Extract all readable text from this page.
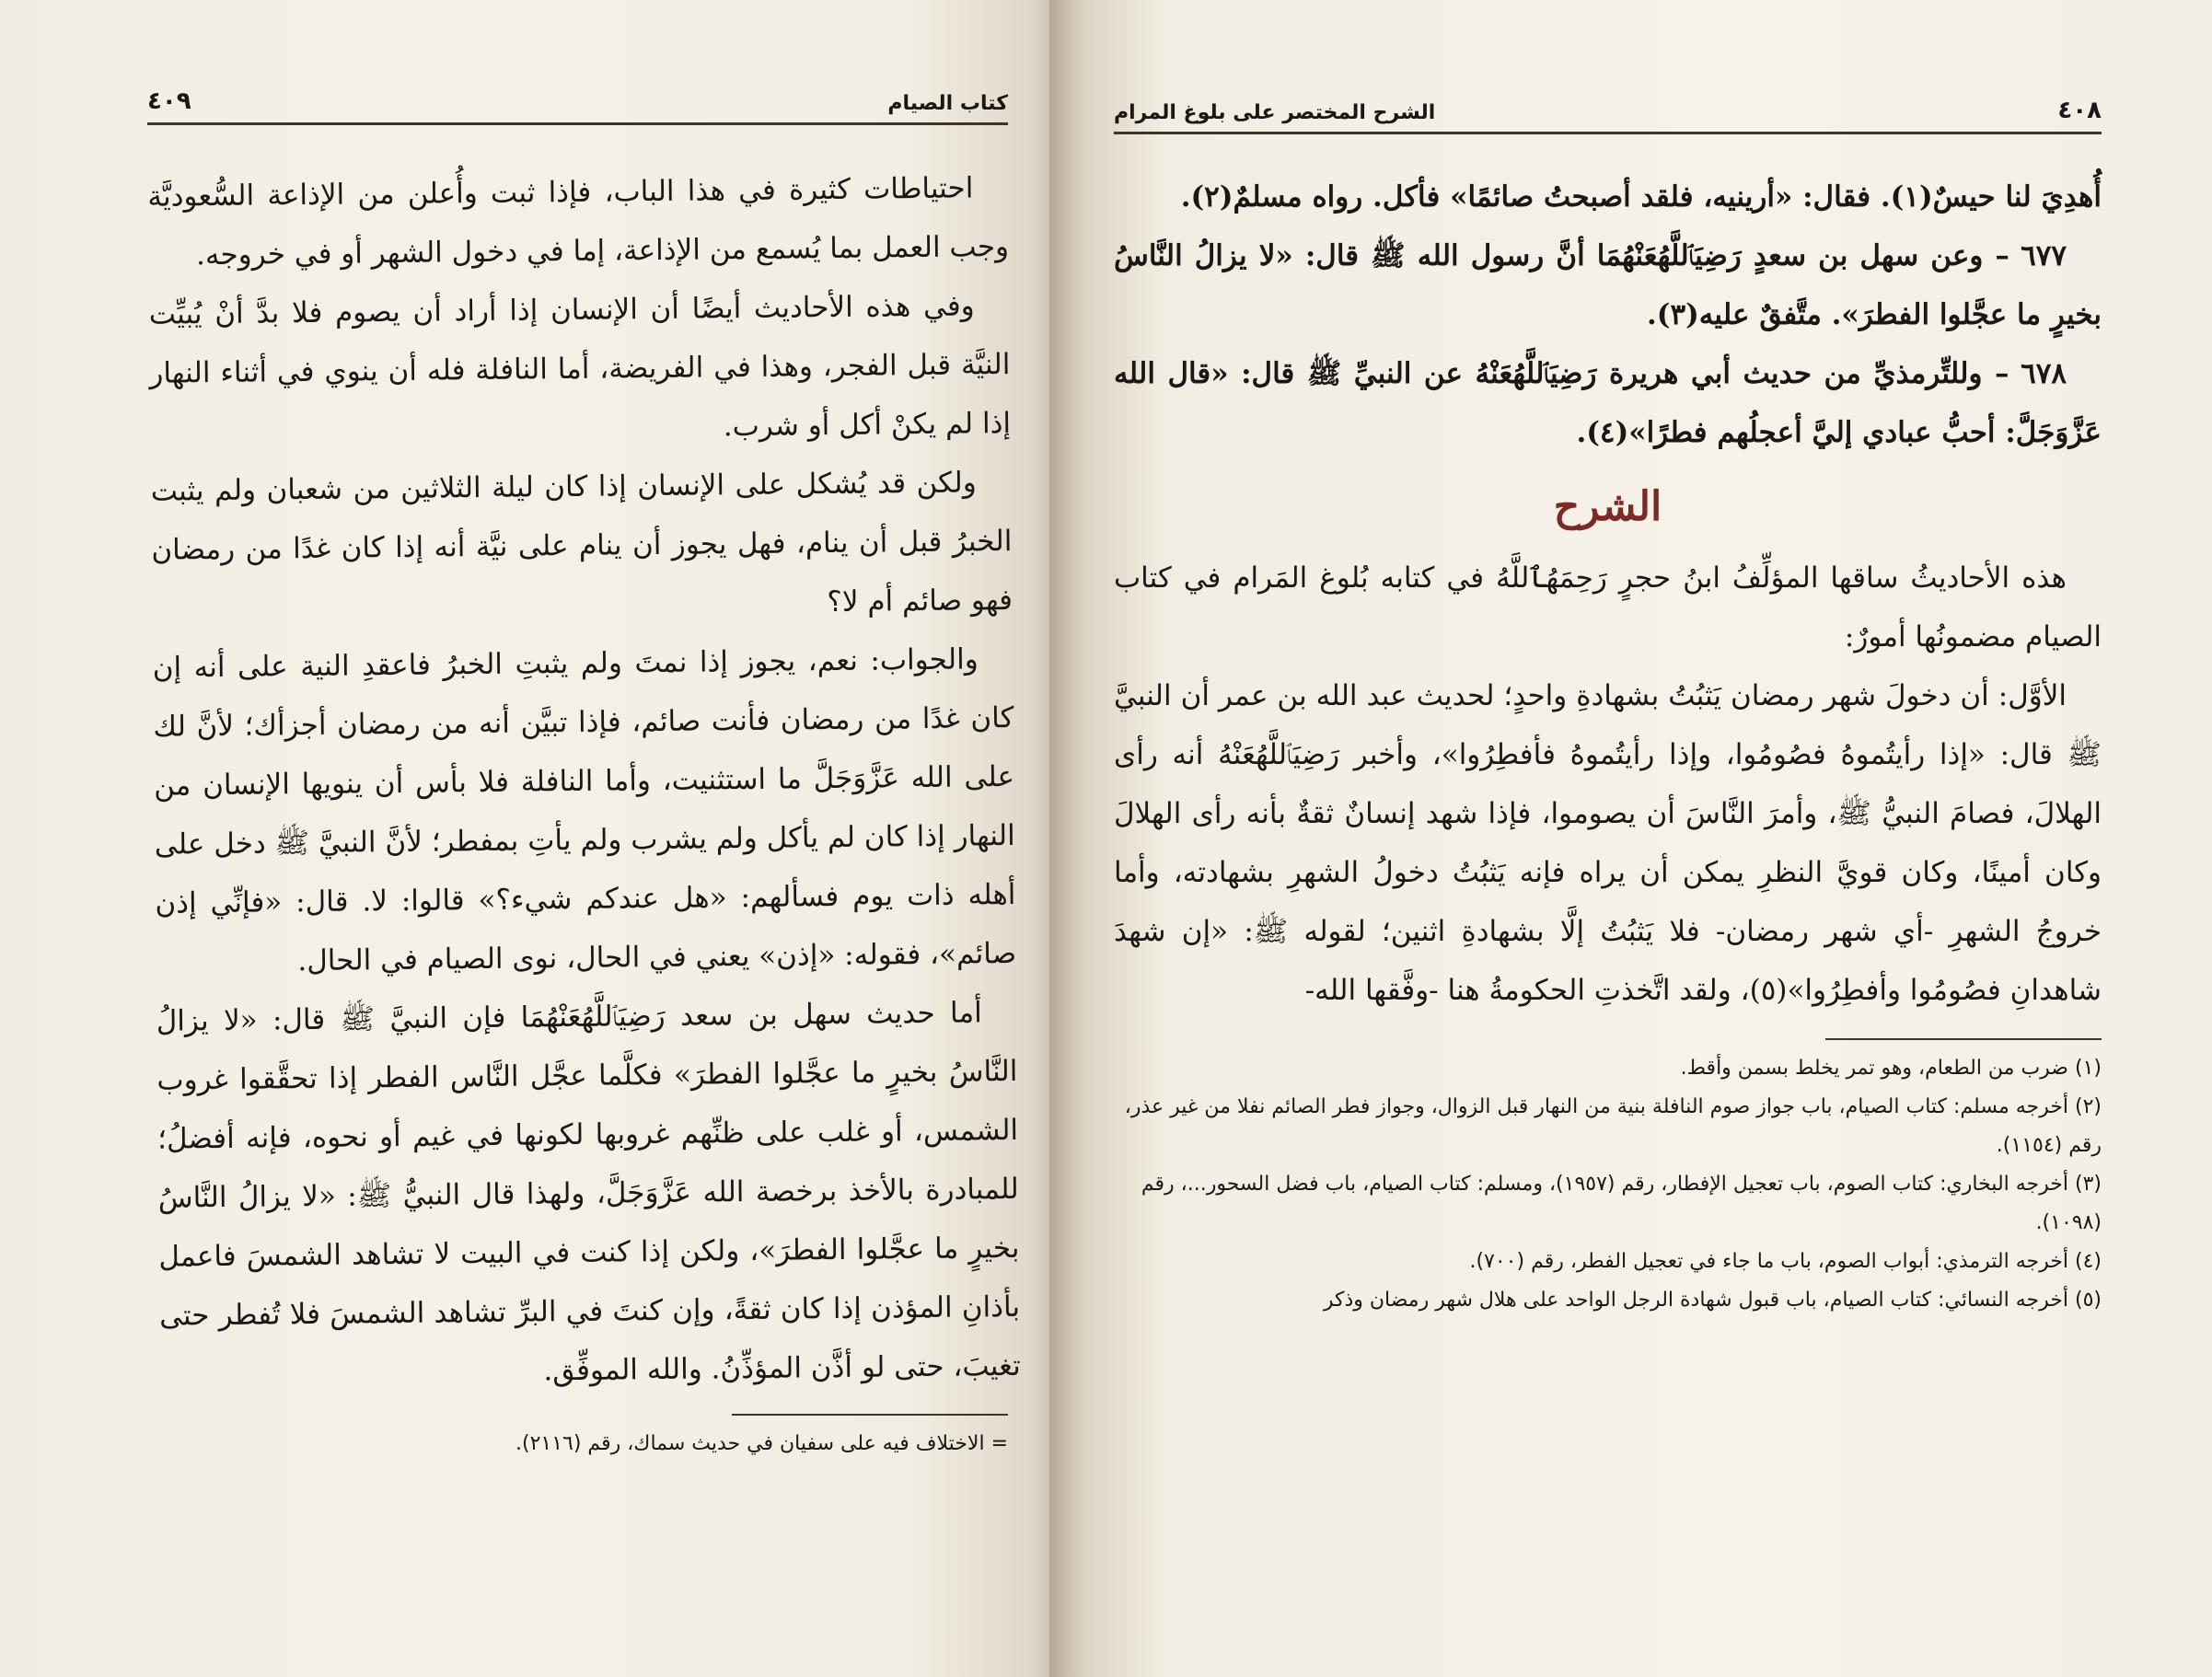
٤٠٩	كتاب الصيام

احتياطات كثيرة في هذا الباب، فإذا ثبت وأُعلن من الإذاعة السُّعوديَّة وجب العمل بما يُسمع من الإذاعة، إما في دخول الشهر أو في خروجه.

وفي هذه الأحاديث أيضًا أن الإنسان إذا أراد أن يصوم فلا بدَّ أنْ يُبيِّت النيَّة قبل الفجر، وهذا في الفريضة، أما النافلة فله أن ينوي في أثناء النهار إذا لم يكنْ أكل أو شرب.

ولكن قد يُشكل على الإنسان إذا كان ليلة الثلاثين من شعبان ولم يثبت الخبرُ قبل أن ينام، فهل يجوز أن ينام على نيَّة أنه إذا كان غدًا من رمضان فهو صائم أم لا؟

والجواب: نعم، يجوز إذا نمتَ ولم يثبتِ الخبرُ فاعقدِ النية على أنه إن كان غدًا من رمضان فأنت صائم، فإذا تبيَّن أنه من رمضان أجزأك؛ لأنَّ لك على الله عَزَّوَجَلَّ ما استثنيت، وأما النافلة فلا بأس أن ينويها الإنسان من النهار إذا كان لم يأكل ولم يشرب ولم يأتِ بمفطر؛ لأنَّ النبيَّ ﷺ دخل على أهله ذات يوم فسألهم: «هل عندكم شيء؟» قالوا: لا. قال: «فإنِّي إذن صائم»، فقوله: «إذن» يعني في الحال، نوى الصيام في الحال.

أما حديث سهل بن سعد رَضِيَٱللَّهُعَنْهُمَا فإن النبيَّ ﷺ قال: «لا يزالُ النَّاسُ بخيرٍ ما عجَّلوا الفطرَ» فكلَّما عجَّل النَّاس الفطر إذا تحقَّقوا غروب الشمس، أو غلب على ظنِّهم غروبها لكونها في غيم أو نحوه، فإنه أفضلُ؛ للمبادرة بالأخذ برخصة الله عَزَّوَجَلَّ، ولهذا قال النبيُّ ﷺ: «لا يزالُ النَّاسُ بخيرٍ ما عجَّلوا الفطرَ»، ولكن إذا كنت في البيت لا تشاهد الشمسَ فاعمل بأذانِ المؤذن إذا كان ثقةً، وإن كنتَ في البرِّ تشاهد الشمسَ فلا تُفطر حتى تغيبَ، حتى لو أذَّن المؤذِّنُ. والله الموفِّق.

= الاختلاف فيه على سفيان في حديث سماك، رقم (٢١١٦).
الشرح المختصر على بلوغ المرام	٤٠٨

أُهدِيَ لنا حيسٌ(١). فقال: «أرينيه، فلقد أصبحتُ صائمًا» فأكل. رواه مسلمٌ(٢).

٦٧٧ – وعن سهل بن سعدٍ رَضِيَٱللَّهُعَنْهُمَا أنَّ رسول الله ﷺ قال: «لا يزالُ النَّاسُ بخيرٍ ما عجَّلوا الفطرَ». متَّفقٌ عليه(٣).

٦٧٨ – وللتِّرمذيِّ من حديث أبي هريرة رَضِيَٱللَّهُعَنْهُ عن النبيِّ ﷺ قال: «قال الله عَزَّوَجَلَّ: أحبُّ عبادي إليَّ أعجلُهم فطرًا»(٤).

الشرح

هذه الأحاديثُ ساقها المؤلِّفُ ابنُ حجرٍ رَحِمَهُٱللَّهُ في كتابه بُلوغ المَرام في كتاب الصيام مضمونُها أمورٌ:

الأوَّل: أن دخولَ شهر رمضان يَثبُتُ بشهادةِ واحدٍ؛ لحديث عبد الله بن عمر أن النبيَّ ﷺ قال: «إذا رأيتُموهُ فصُومُوا، وإذا رأيتُموهُ فأفطِرُوا»، وأخبر رَضِيَٱللَّهُعَنْهُ أنه رأى الهلالَ، فصامَ النبيُّ ﷺ، وأمرَ النَّاسَ أن يصوموا، فإذا شهد إنسانٌ ثقةٌ بأنه رأى الهلالَ وكان أمينًا، وكان قويَّ النظرِ يمكن أن يراه فإنه يَثبُتُ دخولُ الشهرِ بشهادته، وأما خروجُ الشهرِ -أي شهر رمضان- فلا يَثبُتُ إلَّا بشهادةِ اثنين؛ لقوله ﷺ: «إن شهدَ شاهدانِ فصُومُوا وأفطِرُوا»(٥)، ولقد اتَّخذتِ الحكومةُ هنا -وفَّقها الله-

(١) ضرب من الطعام، وهو تمر يخلط بسمن وأقط.
(٢) أخرجه مسلم: كتاب الصيام، باب جواز صوم النافلة بنية من النهار قبل الزوال، وجواز فطر الصائم نفلا من غير عذر، رقم (١١٥٤).
(٣) أخرجه البخاري: كتاب الصوم، باب تعجيل الإفطار، رقم (١٩٥٧)، ومسلم: كتاب الصيام، باب فضل السحور...، رقم (١٠٩٨).
(٤) أخرجه الترمذي: أبواب الصوم، باب ما جاء في تعجيل الفطر، رقم (٧٠٠).
(٥) أخرجه النسائي: كتاب الصيام، باب قبول شهادة الرجل الواحد على هلال شهر رمضان وذكر
